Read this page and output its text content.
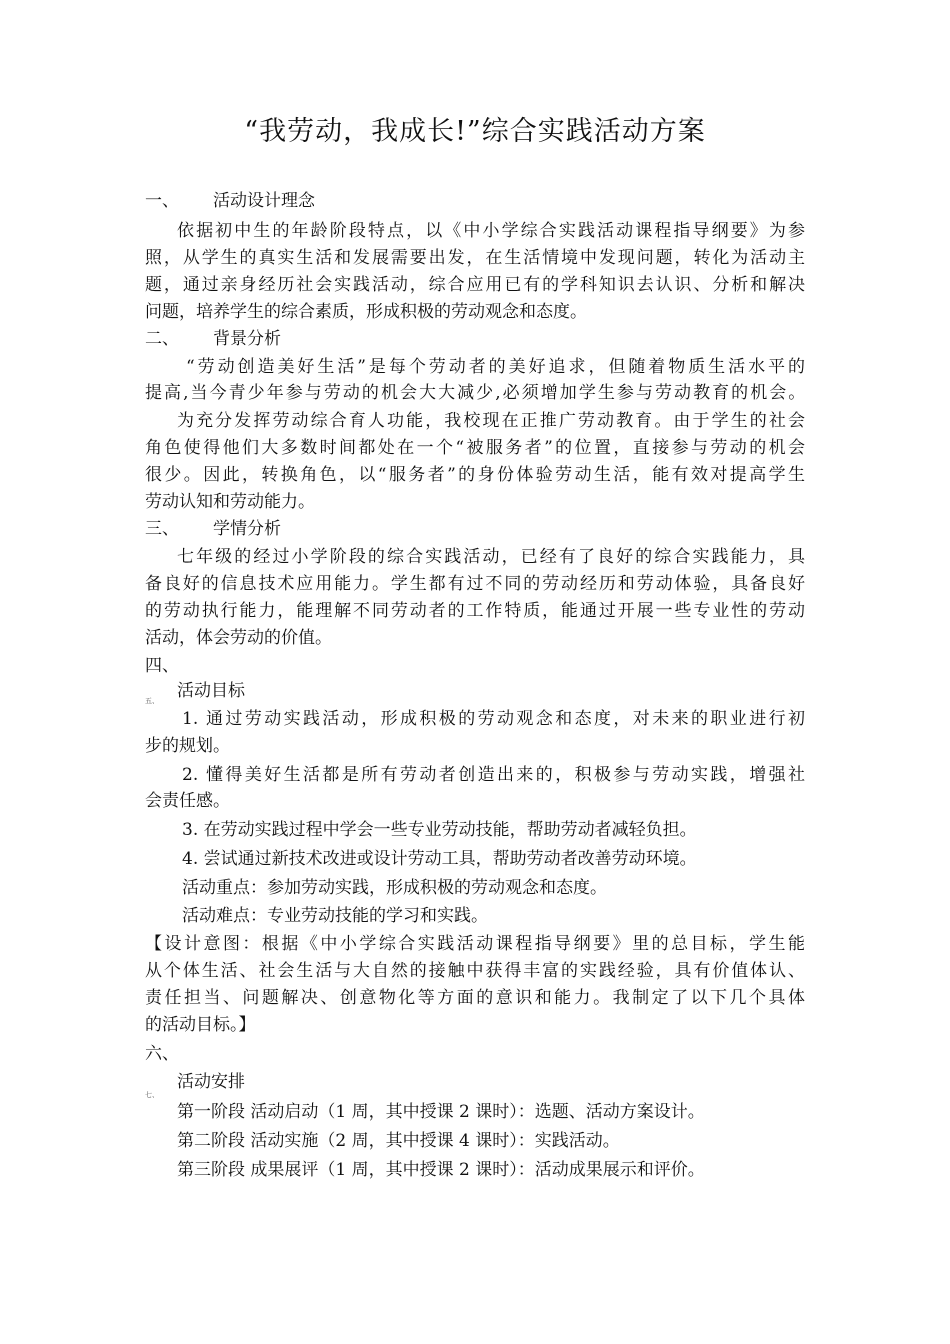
“我劳动，我成长!”综合实践活动方案
一、 活动设计理念
依据初中生的年龄阶段特点，以《中小学综合实践活动课程指导纲要》为参
照，从学生的真实生活和发展需要出发，在生活情境中发现问题，转化为活动主
题，通过亲身经历社会实践活动，综合应用已有的学科知识去认识、分析和解决
问题，培养学生的综合素质，形成积极的劳动观念和态度。
二、 背景分析
“劳动创造美好生活”是每个劳动者的美好追求，但随着物质生活水平的
提高,当今青少年参与劳动的机会大大减少,必须增加学生参与劳动教育的机会。
为充分发挥劳动综合育人功能，我校现在正推广劳动教育。由于学生的社会
角色使得他们大多数时间都处在一个“被服务者”的位置，直接参与劳动的机会
很少。因此，转换角色，以“服务者”的身份体验劳动生活，能有效对提高学生
劳动认知和劳动能力。
三、 学情分析
七年级的经过小学阶段的综合实践活动，已经有了良好的综合实践能力，具
备良好的信息技术应用能力。学生都有过不同的劳动经历和劳动体验，具备良好
的劳动执行能力，能理解不同劳动者的工作特质，能通过开展一些专业性的劳动
活动，体会劳动的价值。
四、
五、 活动目标
1. 通过劳动实践活动，形成积极的劳动观念和态度，对未来的职业进行初
步的规划。
2. 懂得美好生活都是所有劳动者创造出来的，积极参与劳动实践，增强社
会责任感。
3. 在劳动实践过程中学会一些专业劳动技能，帮助劳动者减轻负担。
4. 尝试通过新技术改进或设计劳动工具，帮助劳动者改善劳动环境。
活动重点：参加劳动实践，形成积极的劳动观念和态度。
活动难点：专业劳动技能的学习和实践。
【设计意图：根据《中小学综合实践活动课程指导纲要》里的总目标，学生能
从个体生活、社会生活与大自然的接触中获得丰富的实践经验，具有价值体认、
责任担当、问题解决、创意物化等方面的意识和能力。我制定了以下几个具体
的活动目标。】
六、
七、
活动安排
第一阶段 活动启动（1 周，其中授课 2 课时）：选题、活动方案设计。
第二阶段 活动实施（2 周，其中授课 4 课时）：实践活动。
第三阶段 成果展评（1 周，其中授课 2 课时）：活动成果展示和评价。
